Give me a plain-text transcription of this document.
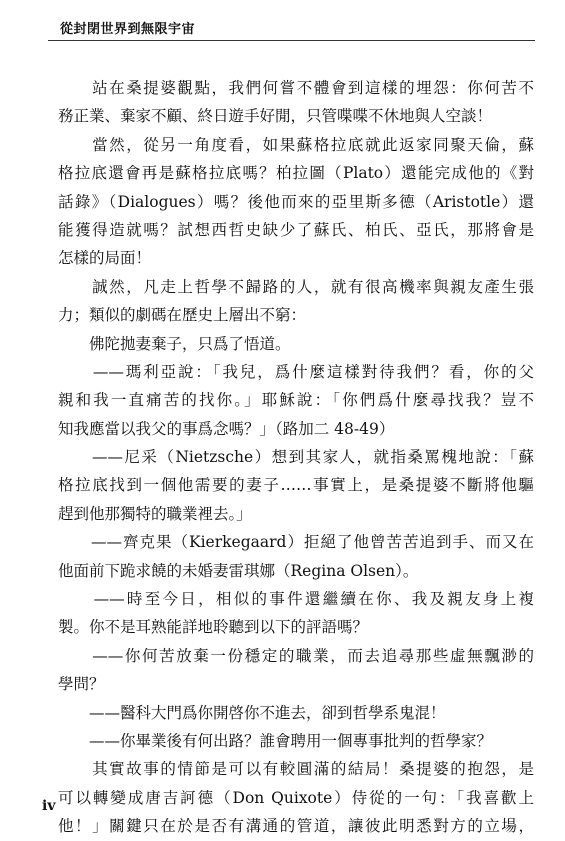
從封閉世界到無限宇宙
　　站在桑提婆觀點，我們何嘗不體會到這樣的埋怨：你何苦不
務正業、棄家不顧、終日遊手好閒，只管喋喋不休地與人空談！
　　當然，從另一角度看，如果蘇格拉底就此返家同聚天倫，蘇
格拉底還會再是蘇格拉底嗎？柏拉圖（Plato）還能完成他的《對
話錄》（Dialogues）嗎？後他而來的亞里斯多德（Aristotle）還
能獲得造就嗎？試想西哲史缺少了蘇氏、柏氏、亞氏，那將會是
怎樣的局面！
　　誠然，凡走上哲學不歸路的人，就有很高機率與親友產生張
力；類似的劇碼在歷史上層出不窮：
　　佛陀拋妻棄子，只爲了悟道。
　　——瑪利亞說：「我兒，爲什麼這樣對待我們？看，你的父
親和我一直痛苦的找你。」耶穌說：「你們爲什麼尋找我？豈不
知我應當以我父的事爲念嗎？」（路加二 48-49）
　　——尼采（Nietzsche）想到其家人，就指桑罵槐地說：「蘇
格拉底找到一個他需要的妻子……事實上，是桑提婆不斷將他驅
趕到他那獨特的職業裡去。」
　　——齊克果（Kierkegaard）拒絕了他曾苦苦追到手、而又在
他面前下跪求饒的未婚妻雷琪娜（Regina Olsen）。
　　——時至今日，相似的事件還繼續在你、我及親友身上複
製。你不是耳熟能詳地聆聽到以下的評語嗎？
　　——你何苦放棄一份穩定的職業，而去追尋那些虛無飄渺的
學問？
　　——醫科大門爲你開啓你不進去，卻到哲學系鬼混！
　　——你畢業後有何出路？誰會聘用一個專事批判的哲學家？
　　其實故事的情節是可以有較圓滿的結局！桑提婆的抱怨，是
可以轉變成唐吉訶德（Don Quixote）侍從的一句：「我喜歡上
他！」關鍵只在於是否有溝通的管道，讓彼此明悉對方的立場，
iv
